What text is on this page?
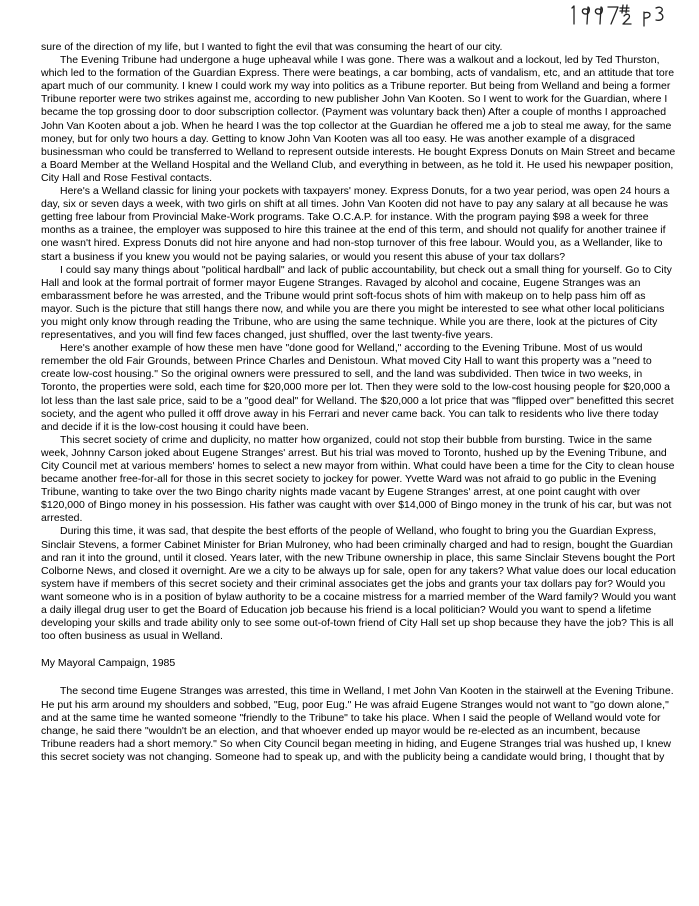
sure of the direction of my life, but I wanted to fight the evil that was consuming the heart of our city.

The Evening Tribune had undergone a huge upheaval while I was gone. There was a walkout and a lockout, led by Ted Thurston, which led to the formation of the Guardian Express. There were beatings, a car bombing, acts of vandalism, etc, and an attitude that tore apart much of our community. I knew I could work my way into politics as a Tribune reporter. But being from Welland and being a former Tribune reporter were two strikes against me, according to new publisher John Van Kooten. So I went to work for the Guardian, where I became the top grossing door to door subscription collector. (Payment was voluntary back then) After a couple of months I approached John Van Kooten about a job. When he heard I was the top collector at the Guardian he offered me a job to steal me away, for the same money, but for only two hours a day. Getting to know John Van Kooten was all too easy. He was another example of a disgraced businessman who could be transferred to Welland to represent outside interests. He bought Express Donuts on Main Street and became a Board Member at the Welland Hospital and the Welland Club, and everything in between, as he told it. He used his newpaper position, City Hall and Rose Festival contacts.

Here's a Welland classic for lining your pockets with taxpayers' money. Express Donuts, for a two year period, was open 24 hours a day, six or seven days a week, with two girls on shift at all times. John Van Kooten did not have to pay any salary at all because he was getting free labour from Provincial Make-Work programs. Take O.C.A.P. for instance. With the program paying $98 a week for three months as a trainee, the employer was supposed to hire this trainee at the end of this term, and should not qualify for another trainee if one wasn't hired. Express Donuts did not hire anyone and had non-stop turnover of this free labour. Would you, as a Wellander, like to start a business if you knew you would not be paying salaries, or would you resent this abuse of your tax dollars?

I could say many things about "political hardball" and lack of public accountability, but check out a small thing for yourself. Go to City Hall and look at the formal portrait of former mayor Eugene Stranges. Ravaged by alcohol and cocaine, Eugene Stranges was an embarassment before he was arrested, and the Tribune would print soft-focus shots of him with makeup on to help pass him off as mayor. Such is the picture that still hangs there now, and while you are there you might be interested to see what other local politicians you might only know through reading the Tribune, who are using the same technique. While you are there, look at the pictures of City representatives, and you will find few faces changed, just shuffled, over the last twenty-five years.

Here's another example of how these men have "done good for Welland," according to the Evening Tribune. Most of us would remember the old Fair Grounds, between Prince Charles and Denistoun. What moved City Hall to want this property was a "need to create low-cost housing." So the original owners were pressured to sell, and the land was subdivided. Then twice in two weeks, in Toronto, the properties were sold, each time for $20,000 more per lot. Then they were sold to the low-cost housing people for $20,000 a lot less than the last sale price, said to be a "good deal" for Welland. The $20,000 a lot price that was "flipped over" benefitted this secret society, and the agent who pulled it offf drove away in his Ferrari and never came back. You can talk to residents who live there today and decide if it is the low-cost housing it could have been.

This secret society of crime and duplicity, no matter how organized, could not stop their bubble from bursting. Twice in the same week, Johnny Carson joked about Eugene Stranges' arrest. But his trial was moved to Toronto, hushed up by the Evening Tribune, and City Council met at various members' homes to select a new mayor from within. What could have been a time for the City to clean house became another free-for-all for those in this secret society to jockey for power. Yvette Ward was not afraid to go public in the Evening Tribune, wanting to take over the two Bingo charity nights made vacant by Eugene Stranges' arrest, at one point caught with over $120,000 of Bingo money in his possession. His father was caught with over $14,000 of Bingo money in the trunk of his car, but was not arrested.

During this time, it was sad, that despite the best efforts of the people of Welland, who fought to bring you the Guardian Express, Sinclair Stevens, a former Cabinet Minister for Brian Mulroney, who had been criminally charged and had to resign, bought the Guardian and ran it into the ground, until it closed. Years later, with the new Tribune ownership in place, this same Sinclair Stevens bought the Port Colborne News, and closed it overnight. Are we a city to be always up for sale, open for any takers? What value does our local education system have if members of this secret society and their criminal associates get the jobs and grants your tax dollars pay for? Would you want someone who is in a position of bylaw authority to be a cocaine mistress for a married member of the Ward family? Would you want a daily illegal drug user to get the Board of Education job because his friend is a local politician? Would you want to spend a lifetime developing your skills and trade ability only to see some out-of-town friend of City Hall set up shop because they have the job? This is all too often business as usual in Welland.

My Mayoral Campaign, 1985

The second time Eugene Stranges was arrested, this time in Welland, I met John Van Kooten in the stairwell at the Evening Tribune. He put his arm around my shoulders and sobbed, "Eug, poor Eug." He was afraid Eugene Stranges would not want to "go down alone," and at the same time he wanted someone "friendly to the Tribune" to take his place. When I said the people of Welland would vote for change, he said there "wouldn't be an election, and that whoever ended up mayor would be re-elected as an incumbent, because Tribune readers had a short memory." So when City Council began meeting in hiding, and Eugene Stranges trial was hushed up, I knew this secret society was not changing. Someone had to speak up, and with the publicity being a candidate would bring, I thought that by
